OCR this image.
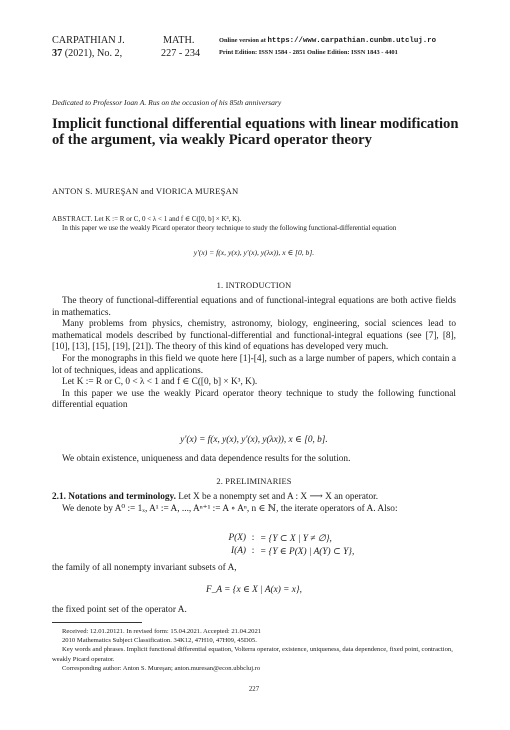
CARPATHIAN J.	MATH.
37 (2021), No. 2,	227 - 234
Online version at https://www.carpathian.cunbm.utcluj.ro
Print Edition: ISSN 1584 - 2851 Online Edition: ISSN 1843 - 4401
Dedicated to Professor Ioan A. Rus on the occasion of his 85th anniversary
Implicit functional differential equations with linear modification of the argument, via weakly Picard operator theory
ANTON S. MUREŞAN and VIORICA MUREŞAN
ABSTRACT. Let K := R or C, 0 < λ < 1 and f ∈ C([0, b] × K³, K).
In this paper we use the weakly Picard operator theory technique to study the following functional-differential equation
y′(x) = f(x, y(x), y′(x), y(λx)), x ∈ [0, b].
1. INTRODUCTION

The theory of functional-differential equations and of functional-integral equations are both active fields in mathematics.

Many problems from physics, chemistry, astronomy, biology, engineering, social sciences lead to mathematical models described by functional-differential and functional-integral equations (see [7], [8], [10], [13], [15], [19], [21]). The theory of this kind of equations has developed very much.

For the monographs in this field we quote here [1]-[4], such as a large number of papers, which contain a lot of techniques, ideas and applications.

Let K := R or C, 0 < λ < 1 and f ∈ C([0, b] × K³, K).

In this paper we use the weakly Picard operator theory technique to study the following functional differential equation

y′(x) = f(x, y(x), y′(x), y(λx)), x ∈ [0, b].

We obtain existence, uniqueness and data dependence results for the solution.

2. PRELIMINARIES

2.1. Notations and terminology. Let X be a nonempty set and A : X ⟶ X an operator.

We denote by A⁰ := 1ₓ, A¹ := A, ..., Aⁿ⁺¹ := A ∘ Aⁿ, n ∈ ℕ, the iterate operators of A. Also:

P(X) : = {Y ⊂ X | Y ≠ ∅},
I(A) : = {Y ∈ P(X) | A(Y) ⊂ Y},

the family of all nonempty invariant subsets of A,

F_A = {x ∈ X | A(x) = x},

the fixed point set of the operator A.

Received: 12.01.20121. In revised form: 15.04.2021. Accepted: 21.04.2021
2010 Mathematics Subject Classification. 34K12, 47H10, 47H09, 45D05.
Key words and phrases. Implicit functional differential equation, Volterra operator, existence, uniqueness, data dependence, fixed point, contraction, weakly Picard operator.
Corresponding author: Anton S. Mureşan; anton.muresan@econ.ubbcluj.ro
227
